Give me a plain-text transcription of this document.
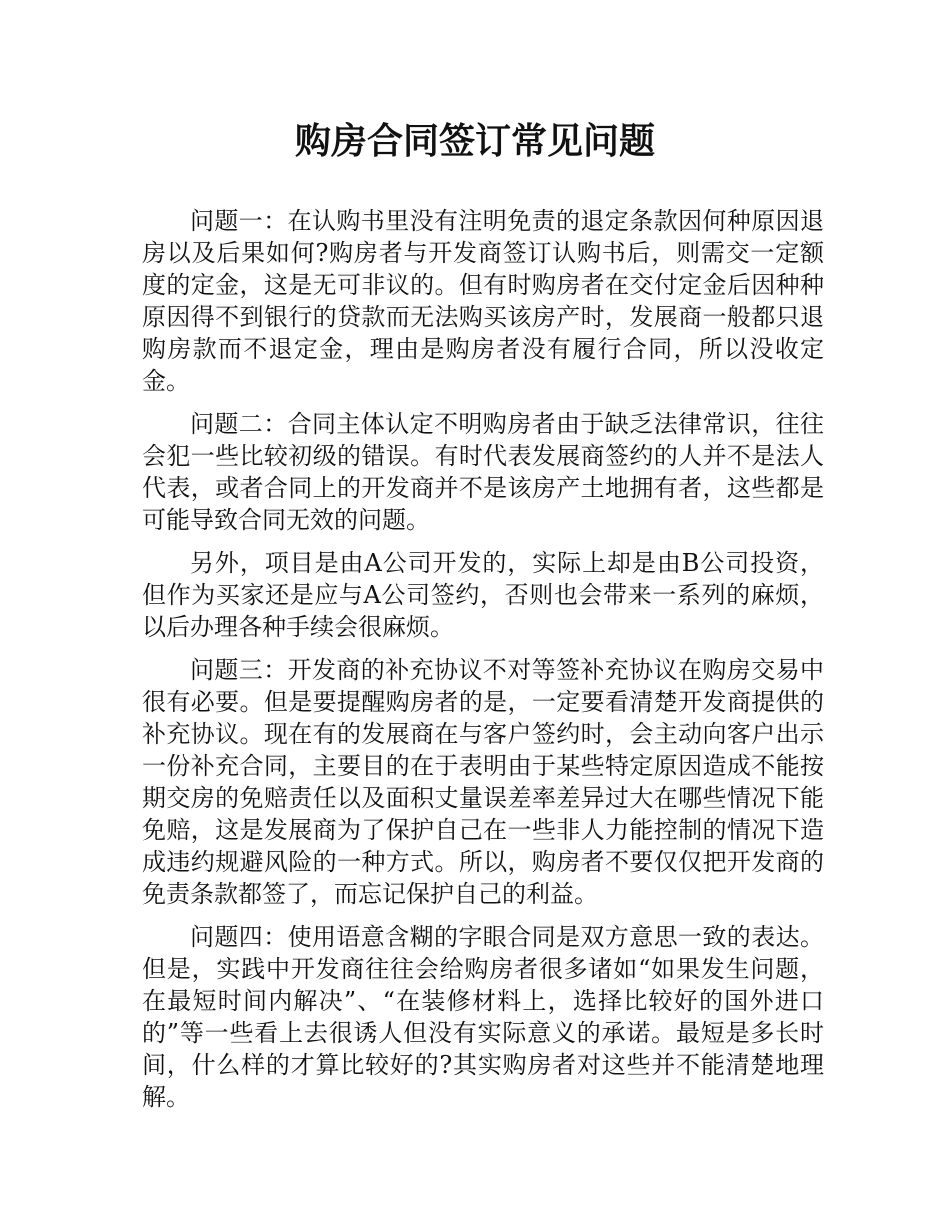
购房合同签订常见问题

问题一：在认购书里没有注明免责的退定条款因何种原因退房以及后果如何?购房者与开发商签订认购书后，则需交一定额度的定金，这是无可非议的。但有时购房者在交付定金后因种种原因得不到银行的贷款而无法购买该房产时，发展商一般都只退购房款而不退定金，理由是购房者没有履行合同，所以没收定金。

问题二：合同主体认定不明购房者由于缺乏法律常识，往往会犯一些比较初级的错误。有时代表发展商签约的人并不是法人代表，或者合同上的开发商并不是该房产土地拥有者，这些都是可能导致合同无效的问题。

另外，项目是由A公司开发的，实际上却是由B公司投资，但作为买家还是应与A公司签约，否则也会带来一系列的麻烦，以后办理各种手续会很麻烦。

问题三：开发商的补充协议不对等签补充协议在购房交易中很有必要。但是要提醒购房者的是，一定要看清楚开发商提供的补充协议。现在有的发展商在与客户签约时，会主动向客户出示一份补充合同，主要目的在于表明由于某些特定原因造成不能按期交房的免赔责任以及面积丈量误差率差异过大在哪些情况下能免赔，这是发展商为了保护自己在一些非人力能控制的情况下造成违约规避风险的一种方式。所以，购房者不要仅仅把开发商的免责条款都签了，而忘记保护自己的利益。

问题四：使用语意含糊的字眼合同是双方意思一致的表达。但是，实践中开发商往往会给购房者很多诸如“如果发生问题，在最短时间内解决”、“在装修材料上，选择比较好的国外进口的”等一些看上去很诱人但没有实际意义的承诺。最短是多长时间，什么样的才算比较好的?其实购房者对这些并不能清楚地理解。
